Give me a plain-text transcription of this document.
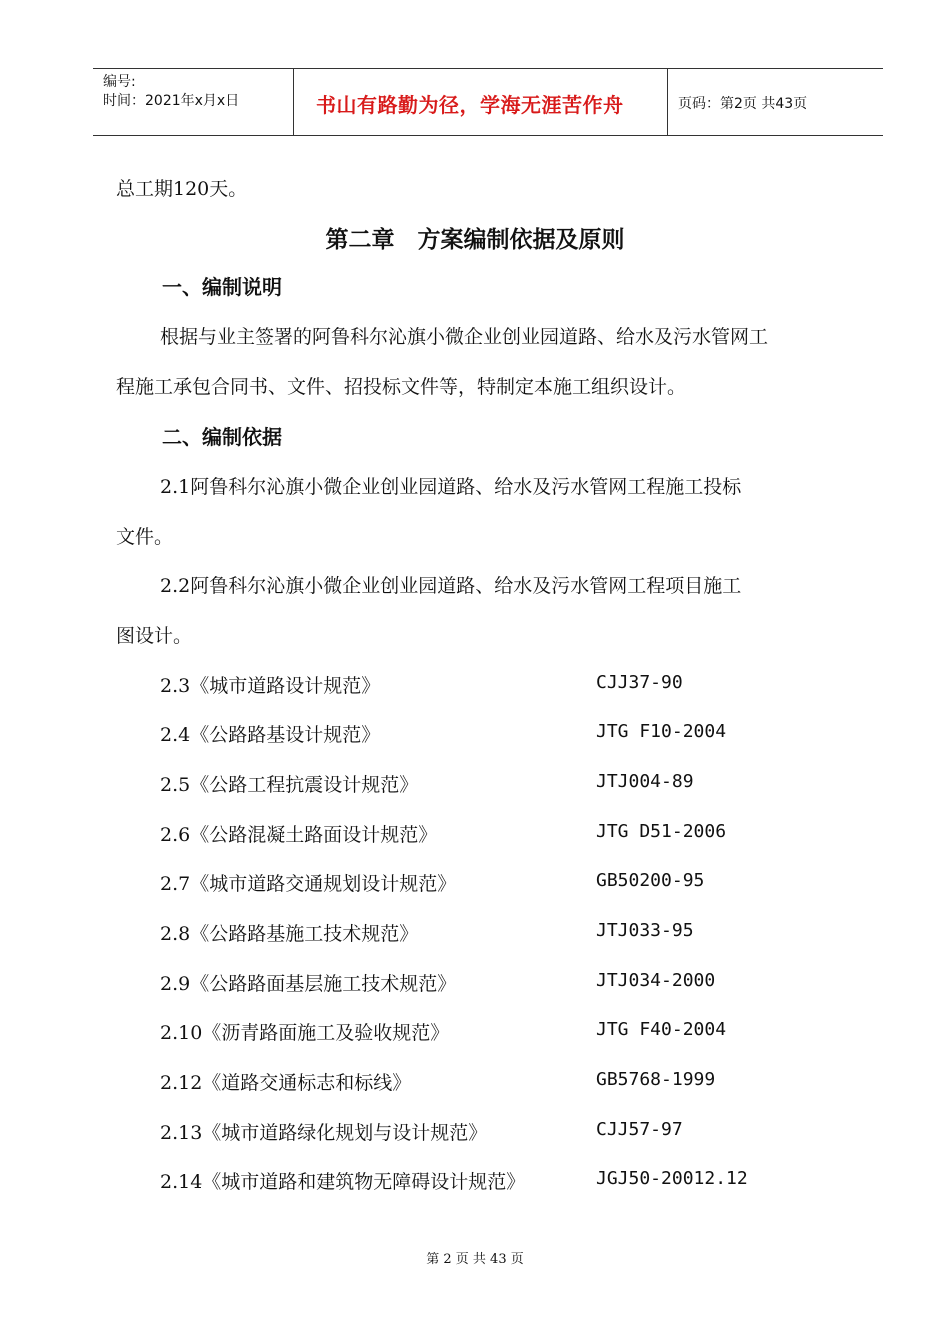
编号:
时间：2021年x月x日	书山有路勤为径，学海无涯苦作舟	页码：第2页 共43页
总工期120天。
第二章　方案编制依据及原则
一、编制说明
根据与业主签署的阿鲁科尔沁旗小微企业创业园道路、给水及污水管网工
程施工承包合同书、文件、招投标文件等，特制定本施工组织设计。
二、编制依据
2.1阿鲁科尔沁旗小微企业创业园道路、给水及污水管网工程施工投标
文件。
2.2阿鲁科尔沁旗小微企业创业园道路、给水及污水管网工程项目施工
图设计。
2.3《城市道路设计规范》	CJJ37-90
2.4《公路路基设计规范》	JTG F10-2004
2.5《公路工程抗震设计规范》	JTJ004-89
2.6《公路混凝土路面设计规范》	JTG D51-2006
2.7《城市道路交通规划设计规范》	GB50200-95
2.8《公路路基施工技术规范》	JTJ033-95
2.9《公路路面基层施工技术规范》	JTJ034-2000
2.10《沥青路面施工及验收规范》	JTG F40-2004
2.12《道路交通标志和标线》	GB5768-1999
2.13《城市道路绿化规划与设计规范》	CJJ57-97
2.14《城市道路和建筑物无障碍设计规范》	JGJ50-20012.12
第 2 页 共 43 页
